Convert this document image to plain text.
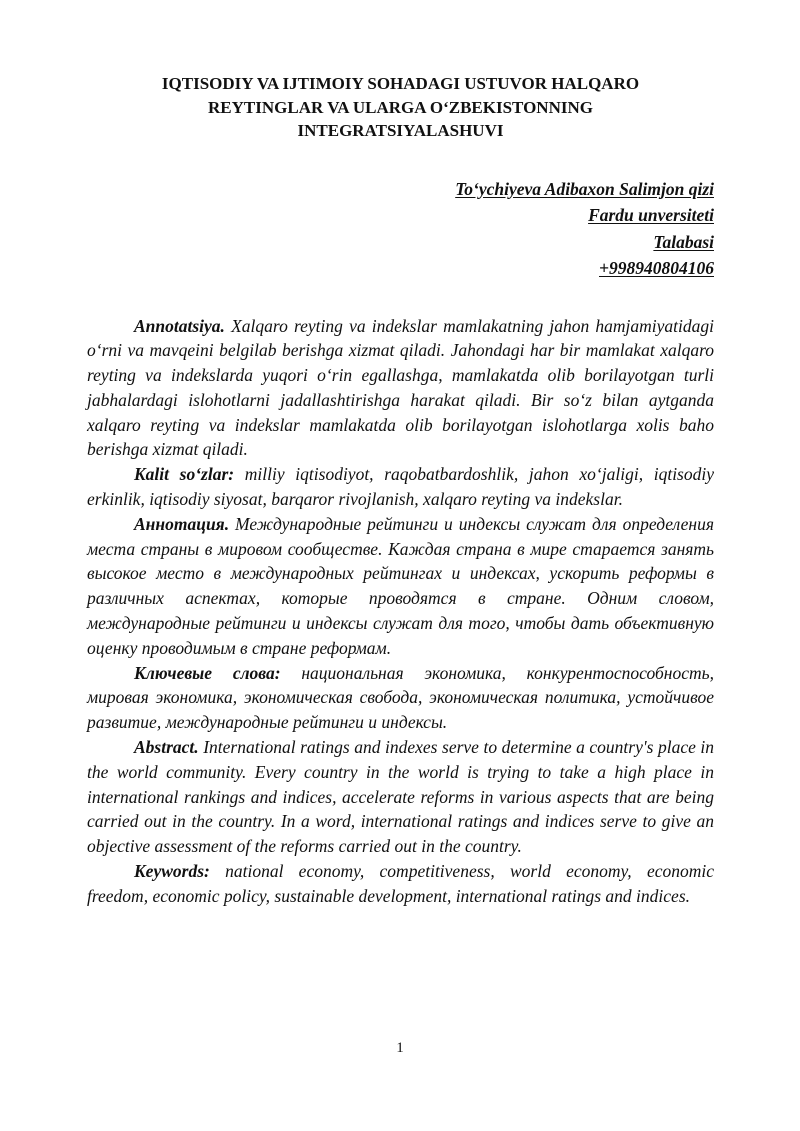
IQTISODIY VA IJTIMOIY SOHADAGI USTUVOR HALQARO
REYTINGLAR VA ULARGA O‘ZBEKISTONNING
INTEGRATSIYALASHUVI
To‘ychiyeva Adibaxon Salimjon qizi
Fardu unversiteti
Talabasi
+998940804106

Annotatsiya. Xalqaro reyting va indekslar mamlakatning jahon hamjamiyatidagi o‘rni va mavqeini belgilab berishga xizmat qiladi. Jahondagi har bir mamlakat xalqaro reyting va indekslarda yuqori o‘rin egallashga, mamlakatda olib borilayotgan turli jabhalardagi islohotlarni jadallashtirishga harakat qiladi. Bir so‘z bilan aytganda xalqaro reyting va indekslar mamlakatda olib borilayotgan islohotlarga xolis baho berishga xizmat qiladi.

Kalit so‘zlar: milliy iqtisodiyot, raqobatbardoshlik, jahon xo‘jaligi, iqtisodiy erkinlik, iqtisodiy siyosat, barqaror rivojlanish, xalqaro reyting va indekslar.

Аннотация. Международные рейтинги и индексы служат для определения места страны в мировом сообществе. Каждая страна в мире старается занять высокое место в международных рейтингах и индексах, ускорить реформы в различных аспектах, которые проводятся в стране. Одним словом, международные рейтинги и индексы служат для того, чтобы дать объективную оценку проводимым в стране реформам.

Ключевые слова: национальная экономика, конкурентоспособность, мировая экономика, экономическая свобода, экономическая политика, устойчивое развитие, международные рейтинги и индексы.

Abstract. International ratings and indexes serve to determine a country's place in the world community. Every country in the world is trying to take a high place in international rankings and indices, accelerate reforms in various aspects that are being carried out in the country. In a word, international ratings and indices serve to give an objective assessment of the reforms carried out in the country.

Keywords: national economy, competitiveness, world economy, economic freedom, economic policy, sustainable development, international ratings and indices.

1
